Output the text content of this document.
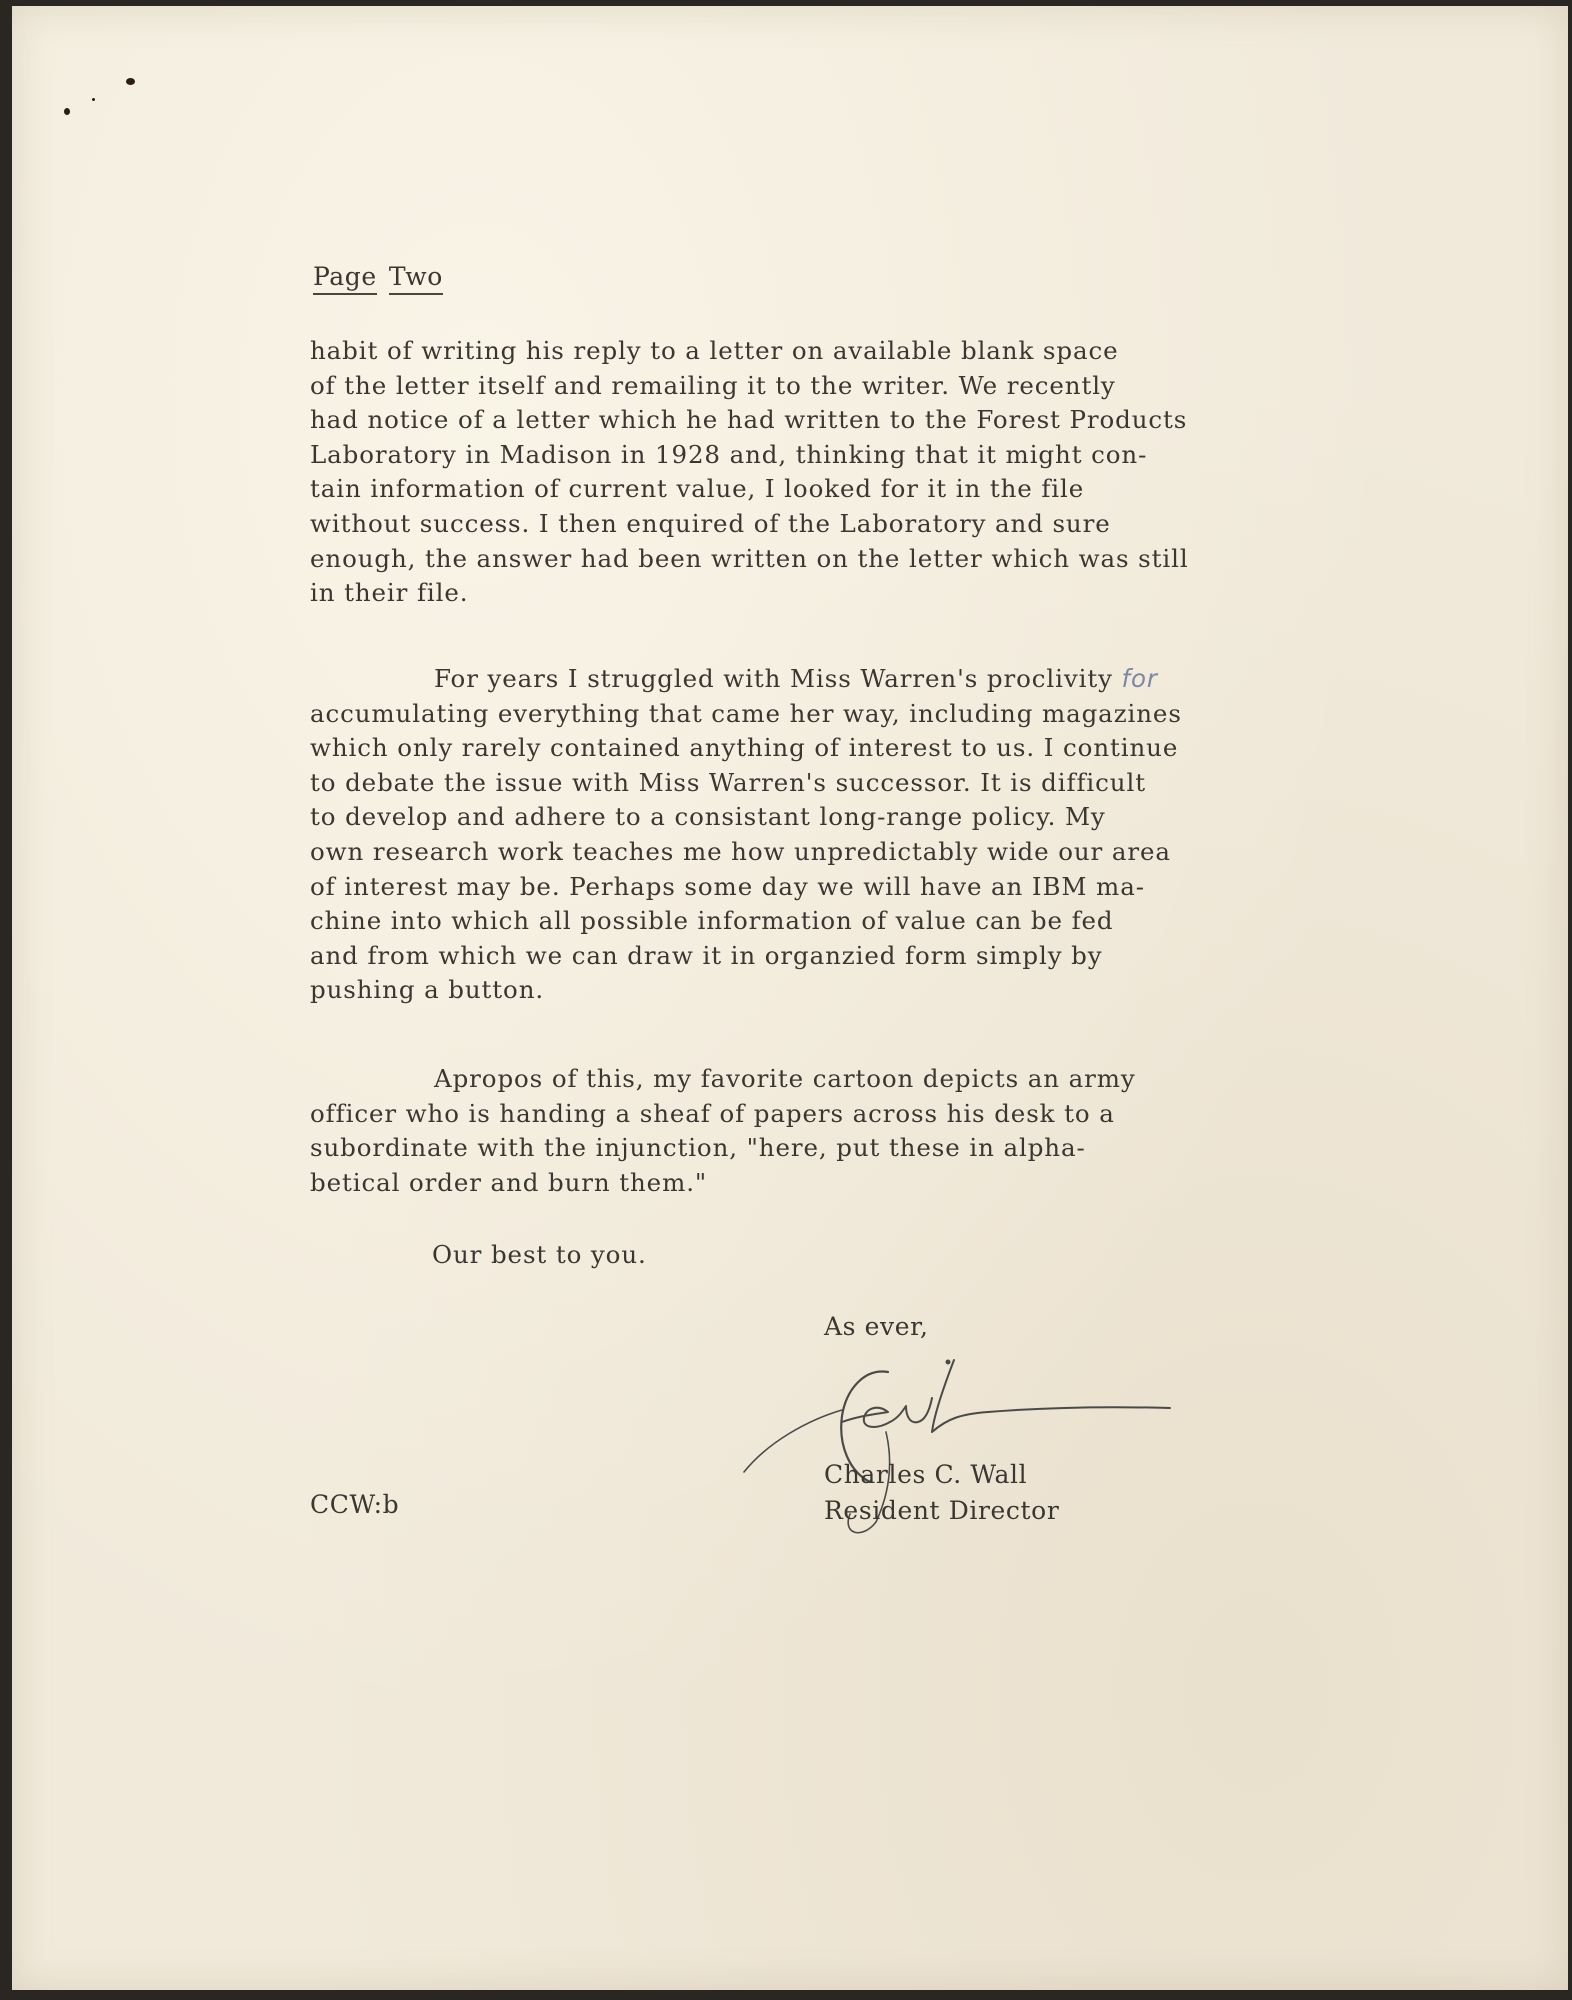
Page Two
habit of writing his reply to a letter on available blank space
of the letter itself and remailing it to the writer. We recently
had notice of a letter which he had written to the Forest Products
Laboratory in Madison in 1928 and, thinking that it might con-
tain information of current value, I looked for it in the file
without success. I then enquired of the Laboratory and sure
enough, the answer had been written on the letter which was still
in their file.
For years I struggled with Miss Warren's proclivity for
accumulating everything that came her way, including magazines
which only rarely contained anything of interest to us. I continue
to debate the issue with Miss Warren's successor. It is difficult
to develop and adhere to a consistant long-range policy. My
own research work teaches me how unpredictably wide our area
of interest may be. Perhaps some day we will have an IBM ma-
chine into which all possible information of value can be fed
and from which we can draw it in organzied form simply by
pushing a button.
Apropos of this, my favorite cartoon depicts an army
officer who is handing a sheaf of papers across his desk to a
subordinate with the injunction, "here, put these in alpha-
betical order and burn them."
Our best to you.
As ever,
Charles C. Wall
Resident Director
CCW:b
